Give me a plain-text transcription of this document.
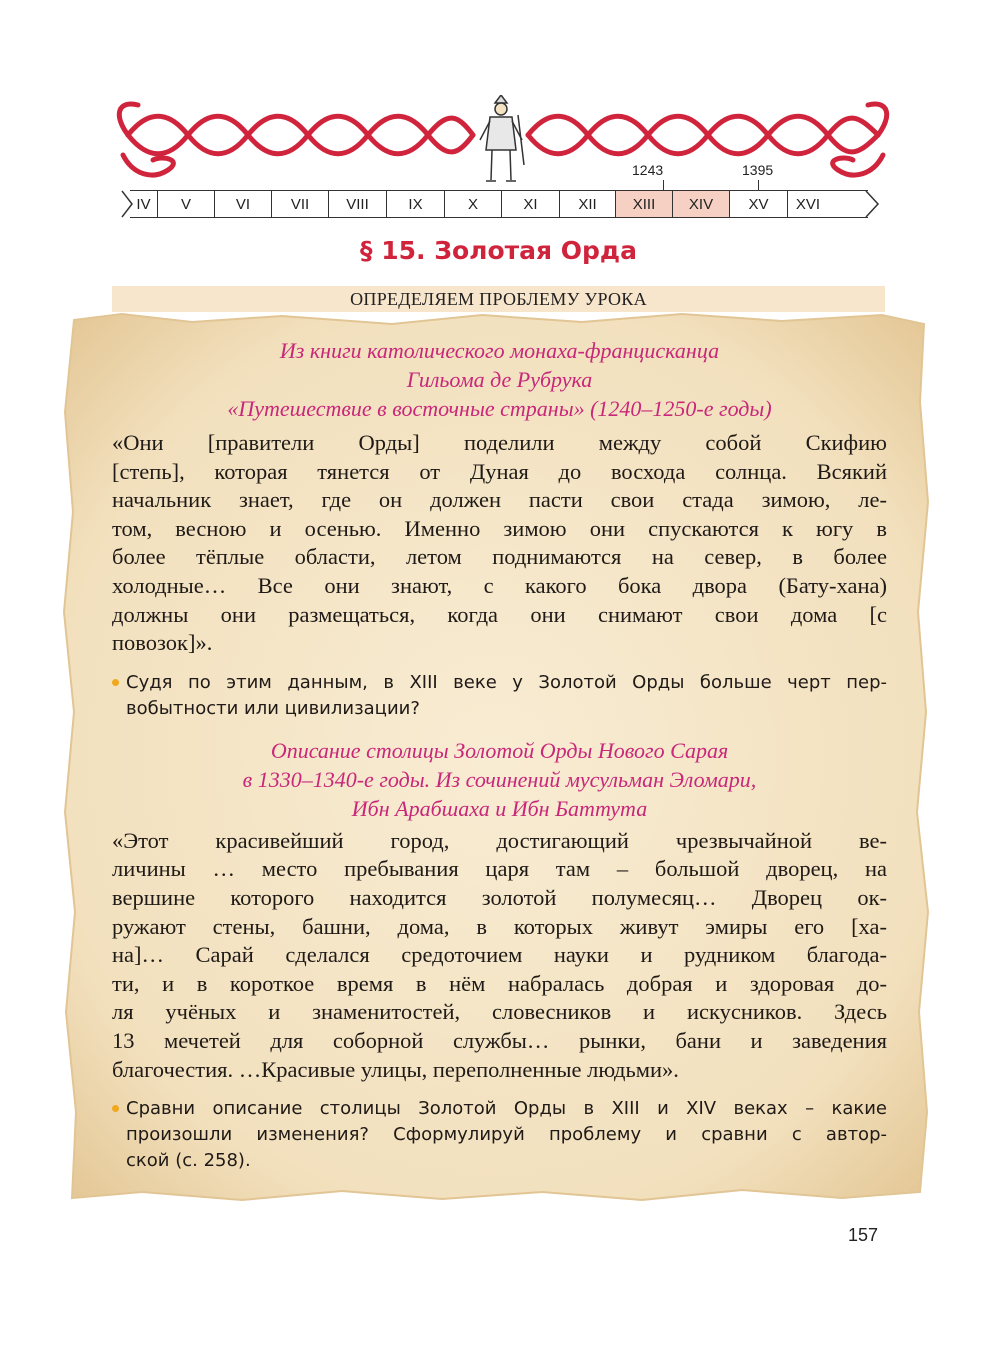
IV	V	VI	VII	VIII	IX	X	XI	XII	XIII	XIV	XV	XVI
1243	1395
§ 15. Золотая Орда
ОПРЕДЕЛЯЕМ ПРОБЛЕМУ УРОКА
Из книги католического монаха-францисканца
Гильома де Рубрука
«Путешествие в восточные страны» (1240–1250-е годы)
«Они [правители Орды] поделили между собой Скифию
[степь], которая тянется от Дуная до восхода солнца. Всякий
начальник знает, где он должен пасти свои стада зимою, ле-
том, весною и осенью. Именно зимою они спускаются к югу в
более тёплые области, летом поднимаются на север, в более
холодные… Все они знают, с какого бока двора (Бату-хана)
должны они размещаться, когда они снимают свои дома [с
повозок]».
Судя по этим данным, в XIII веке у Золотой Орды больше черт пер-
вобытности или цивилизации?
Описание столицы Золотой Орды Нового Сарая
в 1330–1340-е годы. Из сочинений мусульман Эломари,
Ибн Арабшаха и Ибн Баттута
«Этот красивейший город, достигающий чрезвычайной ве-
личины … место пребывания царя там – большой дворец, на
вершине которого находится золотой полумесяц… Дворец ок-
ружают стены, башни, дома, в которых живут эмиры его [ха-
на]… Сарай сделался средоточием науки и рудником благода-
ти, и в короткое время в нём набралась добрая и здоровая до-
ля учёных и знаменитостей, словесников и искусников. Здесь
13 мечетей для соборной службы… рынки, бани и заведения
благочестия. …Красивые улицы, переполненные людьми».
Сравни описание столицы Золотой Орды в XIII и XIV веках – какие
произошли изменения? Сформулируй проблему и сравни с автор-
ской (с. 258).
157
